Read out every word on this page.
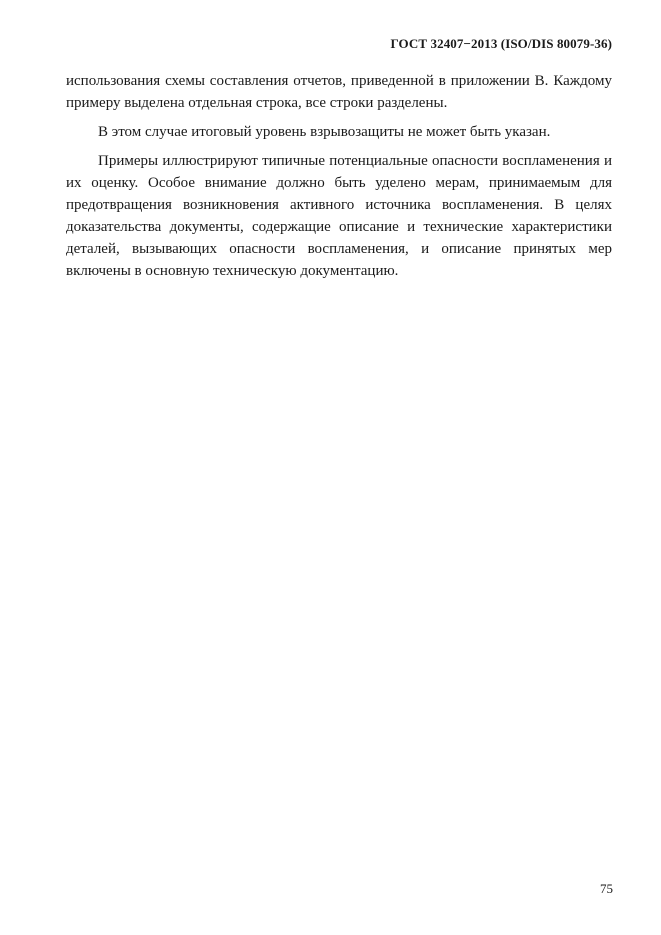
ГОСТ 32407−2013 (ISO/DIS 80079-36)

использования схемы составления отчетов, приведенной в приложении В. Каждому примеру выделена отдельная строка, все строки разделены.

В этом случае итоговый уровень взрывозащиты не может быть указан.

Примеры иллюстрируют типичные потенциальные опасности воспламенения и их оценку. Особое внимание должно быть уделено мерам, принимаемым для предотвращения возникновения активного источника воспламенения. В целях доказательства документы, содержащие описание и технические характеристики деталей, вызывающих опасности воспламенения, и описание принятых мер включены в основную техническую документацию.

75
